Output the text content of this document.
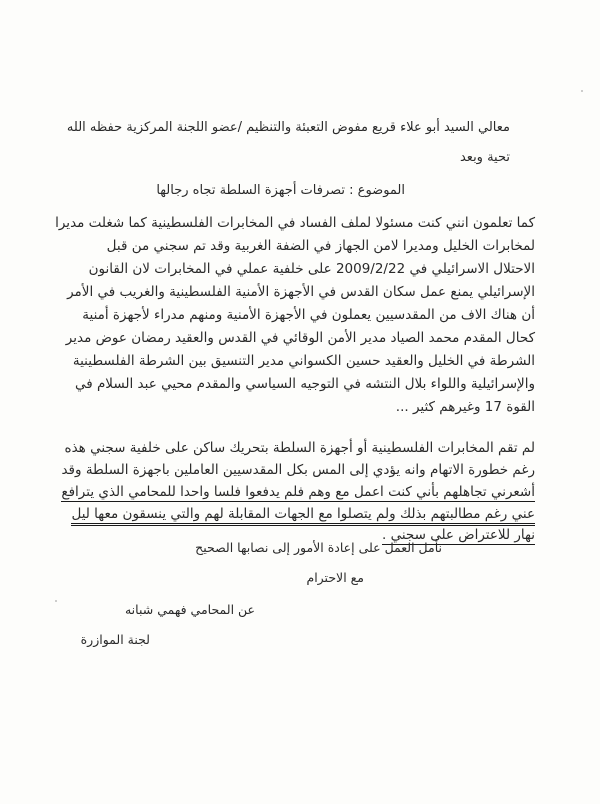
معالي السيد أبو علاء قريع مفوض التعبئة والتنظيم /عضو اللجنة المركزية حفظه الله
تحية وبعد
الموضوع : تصرفات أجهزة السلطة تجاه رجالها
كما تعلمون انني كنت مسئولا لملف الفساد في المخابرات الفلسطينية كما شغلت مديرا
لمخابرات الخليل ومديرا لامن الجهاز في الضفة الغربية وقد تم سجني من قبل
الاحتلال الاسرائيلي في 2009/2/22 على خلفية عملي في المخابرات لان القانون
الإسرائيلي يمنع عمل سكان القدس في الأجهزة الأمنية الفلسطينية والغريب في الأمر
أن هناك الاف من المقدسيين يعملون في الأجهزة الأمنية ومنهم مدراء لأجهزة أمنية
كحال المقدم محمد الصياد مدير الأمن الوقائي في القدس والعقيد رمضان عوض مدير
الشرطة في الخليل والعقيد حسين الكسواني مدير التنسيق بين الشرطة الفلسطينية
والإسرائيلية واللواء بلال النتشه في التوجيه السياسي والمقدم محيي عبد السلام في
القوة 17 وغيرهم كثير ...
لم تقم المخابرات الفلسطينية أو أجهزة السلطة بتحريك ساكن على خلفية سجني هذه
رغم خطورة الاتهام وانه يؤدي إلى المس بكل المقدسيين العاملين باجهزة السلطة وقد
أشعرني تجاهلهم بأني كنت اعمل مع وهم فلم يدفعوا فلسا واحدا للمحامي الذي يترافع
عني رغم مطالبتهم بذلك ولم يتصلوا مع الجهات المقابلة لهم والتي ينسقون معها ليل
نهار للاعتراض على سجني .
نأمل العمل على إعادة الأمور إلى نصابها الصحيح
مع الاحترام
عن المحامي فهمي شبانه
لجنة الموازرة
